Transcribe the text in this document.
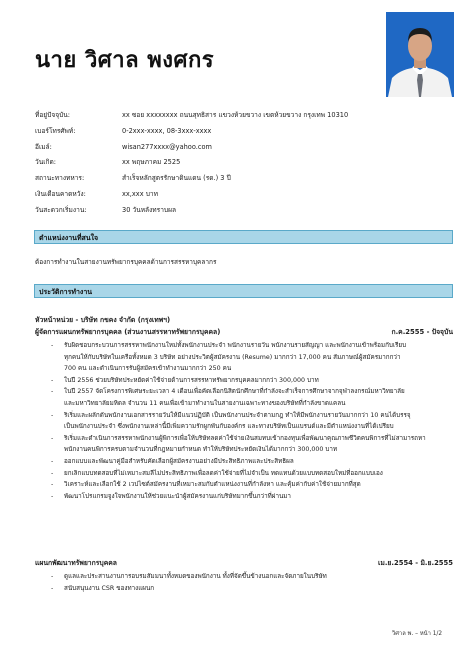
นาย วิศาล พงศกร
ที่อยู่ปัจจุบัน:	xx ซอย xxxxxxxx ถนนสุทธิสาร แขวงห้วยขวาง เขตห้วยขวาง กรุงเทพ 10310
เบอร์โทรศัพท์:	0-2xxx-xxxx, 08-3xxx-xxxx
อีเมล์:	wisan277xxxx@yahoo.com
วันเกิด:	xx พฤษภาคม 2525
สถานะทางทหาร:	สำเร็จหลักสูตรรักษาดินแดน (รด.) 3 ปี
เงินเดือนคาดหวัง:	xx,xxx บาท
วันสะดวกเริ่มงาน:	30 วันหลังทราบผล
ตำแหน่งงานที่สนใจ
ต้องการทำงานในสายงานทรัพยากรบุคคลด้านการสรรหาบุคลากร
ประวัติการทำงาน
หัวหน้าหน่วย - บริษัท กขคง จำกัด (กรุงเทพฯ)
ผู้จัดการแผนกทรัพยากรบุคคล (ส่วนงานสรรหาทรัพยากรบุคคล)	ก.ค.2555 - ปัจจุบัน
- รับผิดชอบกระบวนการสรรหาพนักงานใหม่ทั้งพนักงานประจำ พนักงานรายวัน พนักงานรายสัญญา และพนักงานเข้าพร้อมกับเรียบ
ทุกคนให้กับบริษัทในเครือทั้งหมด 3 บริษัท อย่างประวิตผู้สมัครงาน (Resume) มากกว่า 17,000 คน สัมภาษณ์ผู้สมัครมากกว่า
700 คน และดำเนินการรับผู้สมัครเข้าทำงานมากกว่า 250 คน
- ในปี 2556 ช่วยบริษัทประหยัดค่าใช้จ่ายด้านการสรรหาทรัพยากรบุคคลมากกว่า 300,000 บาท
- ในปี 2557 จัดโครงการพิเศษระยะเวลา 4 เดือนเพื่อคัดเลือกนิสิตนักศึกษาที่กำลังจะสำเร็จการศึกษาจากจุฬาลงกรณ์มหาวิทยาลัย
และมหาวิทยาลัยมหิดล จำนวน 11 คนเพื่อเข้ามาทำงานในสายงานเฉพาะทางของบริษัทที่กำลังขาดแคลน
- ริเริ่มและผลักดันพนักงานเอกสารรายวันให้มีแนวปฏิบัติ เป็นพนักงานประจำตามกฎ ทำให้มีพนักงานรายวันมากกว่า 10 คนได้บรรจุ
เป็นพนักงานประจำ ซึ่งพนักงานเหล่านี้มีเพิ่มความรักผูกพันกับองค์กร และทางบริษัทเป็นแบรนด์และมีตำแหน่งงานที่ได้เปรียบ
- ริเริ่มและดำเนินการสรรหาพนักงานผู้พิการเพื่อให้บริษัทลดค่าใช้จ่ายเงินสมทบเข้ากองทุนเพื่อพัฒนาคุณภาพชีวิตคนพิการที่ไม่สามารถหา
พนักงานคนพิการครบตามจำนวนที่กฎหมายกำหนด ทำให้บริษัทประหยัดเงินได้มากกว่า 300,000 บาท
- ออกแบบและพัฒนาคู่มือสำหรับคัดเลือกผู้สมัครงานอย่างมีประสิทธิภาพและประสิทธิผล
- ยกเลิกแบบทดสอบที่ไม่เหมาะสมลีไม่ประสิทธิภาพเพื่อลดค่าใช้จ่ายที่ไม่จำเป็น ทดแทนด้วยแบบทดสอบใหม่ที่ออกแบบเอง
- วิเคราะห์และเลือกใช้ 2 เวปไซต์สมัครงานที่เหมาะสมกับตำแหน่งงานที่กำลังหา และคุ้มค่ากับค่าใช้จ่ายมากที่สุด
- พัฒนาโปรแกรมจูงใจพนักงานให้ช่วยแนะนำผู้สมัครงานแก่บริษัทมากขึ้นกว่าที่ผ่านมา
แผนกพัฒนาทรัพยากรบุคคล	เม.ย.2554 - มิ.ย.2555
- ดูแลและประสานงานการอบรมสัมมนาทั้งหมดของพนักงาน ทั้งที่จัดขึ้นข้างนอกและจัดภายในบริษัท
- สนับสนุนงาน CSR ของทางแผนก
วิศาล พ. – หน้า 1/2
